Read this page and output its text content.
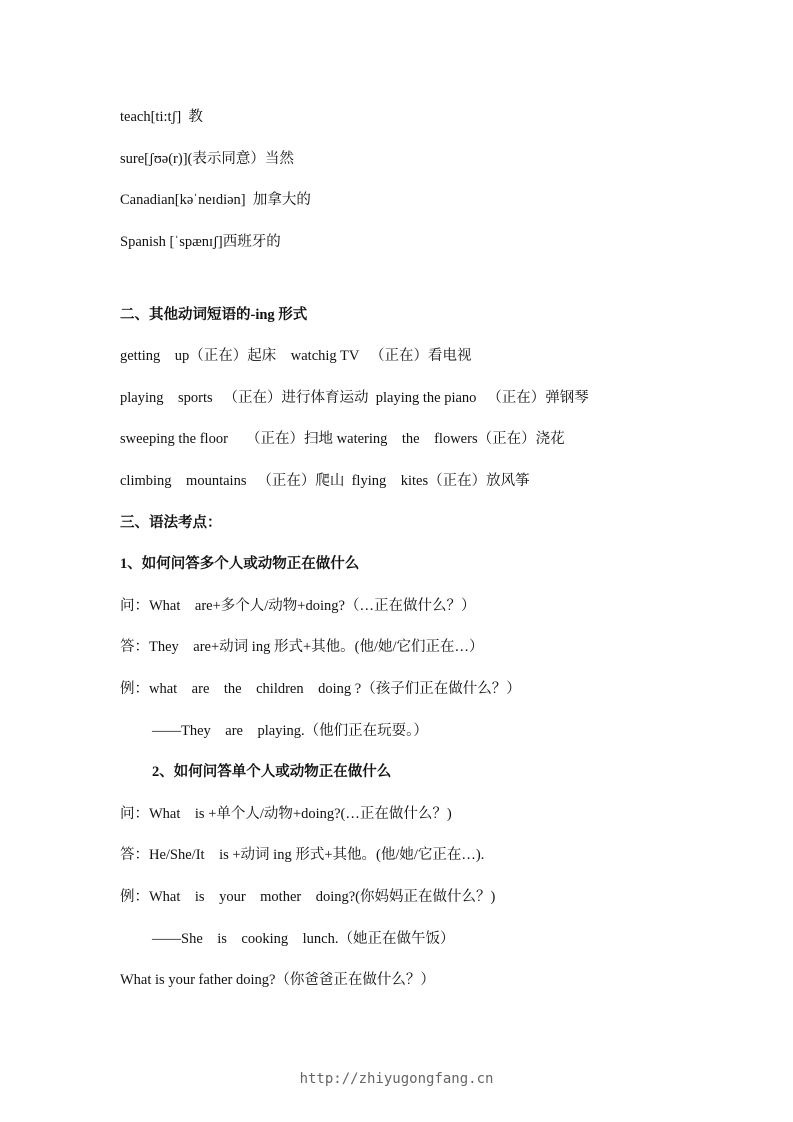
teach[ti:tʃ]  教
sure[ʃʊə(r)](表示同意）当然
Canadian[kəˈneɪdiən]  加拿大的
Spanish [ˈspænɪʃ]西班牙的
二、其他动词短语的-ing 形式
getting    up（正在）起床    watchig TV   （正在）看电视
playing    sports   （正在）进行体育运动  playing the piano   （正在）弹钢琴
sweeping the floor     （正在）扫地 watering    the    flowers（正在）浇花
climbing    mountains   （正在）爬山  flying    kites（正在）放风筝
三、语法考点：
1、如何问答多个人或动物正在做什么
问：What    are+多个人/动物+doing?（…正在做什么？）
答：They    are+动词 ing 形式+其他。(他/她/它们正在…）
例：what    are    the    children    doing ?（孩子们正在做什么？）
——They    are    playing.（他们正在玩耍。）
2、如何问答单个人或动物正在做什么
问：What    is +单个人/动物+doing?(…正在做什么？)
答：He/She/It    is +动词 ing 形式+其他。(他/她/它正在…).
例：What    is    your    mother    doing?(你妈妈正在做什么？)
——She    is    cooking    lunch.（她正在做午饭）
What is your father doing?（你爸爸正在做什么？）
http://zhiyugongfang.cn
